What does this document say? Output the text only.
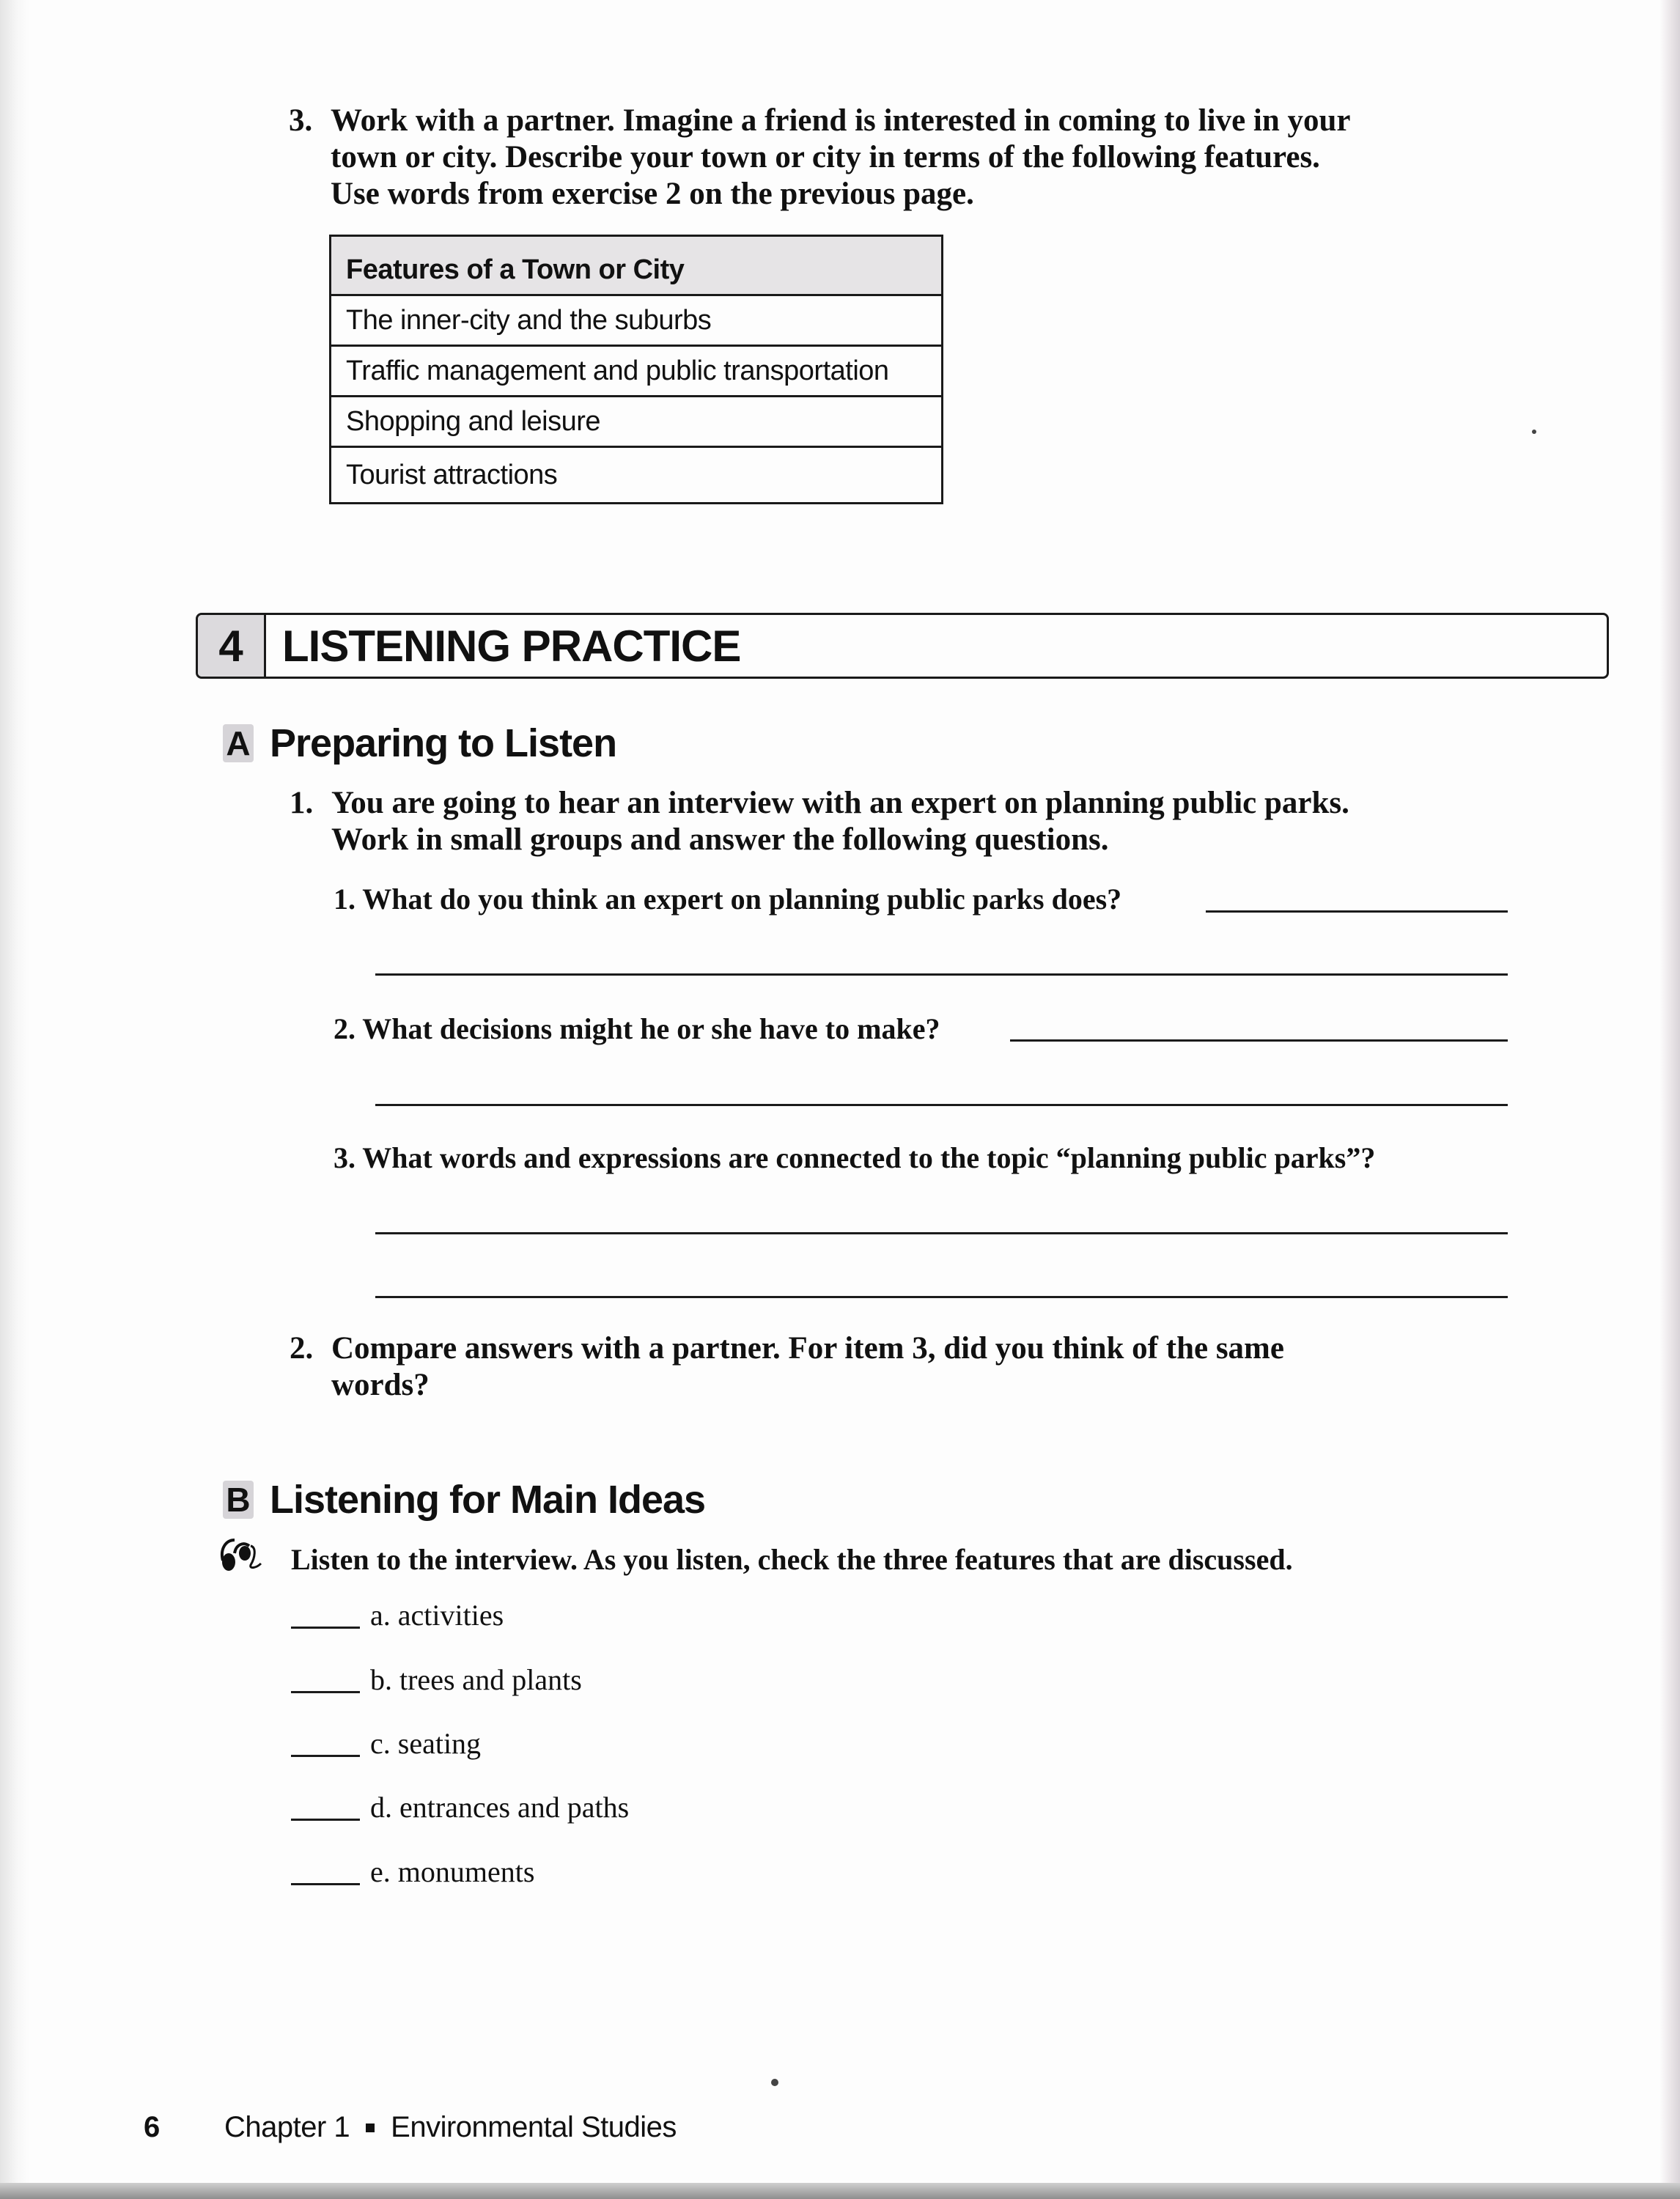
3. Work with a partner. Imagine a friend is interested in coming to live in your
town or city. Describe your town or city in terms of the following features.
Use words from exercise 2 on the previous page.
Features of a Town or City
The inner-city and the suburbs
Traffic management and public transportation
Shopping and leisure
Tourist attractions
4 LISTENING PRACTICE
A Preparing to Listen
1. You are going to hear an interview with an expert on planning public parks.
Work in small groups and answer the following questions.
1. What do you think an expert on planning public parks does?
2. What decisions might he or she have to make?
3. What words and expressions are connected to the topic “planning public parks”?
2. Compare answers with a partner. For item 3, did you think of the same
words?
B Listening for Main Ideas
Listen to the interview. As you listen, check the three features that are discussed.
a. activities
b. trees and plants
c. seating
d. entrances and paths
e. monuments
6	Chapter 1 Environmental Studies
